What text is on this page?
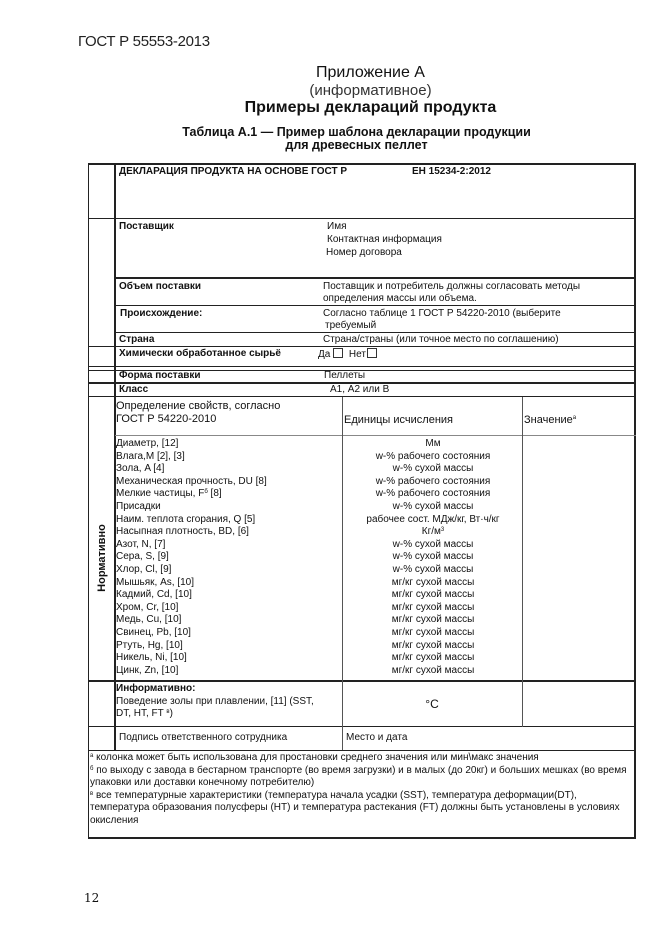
ГОСТ Р 55553-2013
Приложение А
(информативное)
Примеры деклараций продукта
Таблица А.1 — Пример шаблона декларации продукции
для древесных пеллет
ДЕКЛАРАЦИЯ ПРОДУКТА НА ОСНОВЕ ГОСТ Р	ЕН 15234-2:2012
Поставщик	Имя
Контактная информация
Номер договора
Объем поставки	Поставщик и потребитель должны согласовать методы
определения массы или объема.
Происхождение:	Согласно таблице 1 ГОСТ Р 54220-2010 (выберите
требуемый
Страна	Страна/страны (или точное место по соглашению)
Химически обработанное сырьё	Да Нет
Форма поставки	Пеллеты
Класс	А1, А2 или В
Определение свойств, согласно
ГОСТ Р 54220-2010	Единицы исчисления	Значение$^а$
Нормативно
Диаметр, [12]	Мм
Влага,M [2], [3]	w-% рабочего состояния
Зола, A [4]	w-% сухой массы
Механическая прочность, DU [8]	w-% рабочего состояния
Мелкие частицы, $F^б$ [8]	w-% рабочего состояния
Присадки	w-% сухой массы
Наим. теплота сгорания, Q [5]	рабочее сост. МДж/кг, Вт·ч/кг
Насыпная плотность, BD, [6]	$Кг/м^3$
Азот, N, [7]	w-% сухой массы
Сера, S, [9]	w-% сухой массы
Хлор, Cl, [9]	w-% сухой массы
Мышьяк, As, [10]	мг/кг сухой массы
Кадмий, Cd, [10]	мг/кг сухой массы
Хром, Cr, [10]	мг/кг сухой массы
Медь, Cu, [10]	мг/кг сухой массы
Свинец, Pb, [10]	мг/кг сухой массы
Ртуть, Hg, [10]	мг/кг сухой массы
Никель, Ni, [10]	мг/кг сухой массы
Цинк, Zn, [10]	мг/кг сухой массы
Информативно:
Поведение золы при плавлении, [11] (SST,
DT, HT, FT $^в$)
°С
Подпись ответственного сотрудника	Место и дата
$^а$ колонка может быть использована для простановки среднего значения или мин\макс значения
$^б$ по выходу с завода в бестарном транспорте (во время загрузки) и в малых (до 20кг) и больших мешках (во время упаковки или доставки конечному потребителю)
$^в$ все температурные характеристики (температура начала усадки (SST), температура деформации(DT), температура образования полусферы (HT) и температура растекания (FT) должны быть установлены в условиях окисления
12
